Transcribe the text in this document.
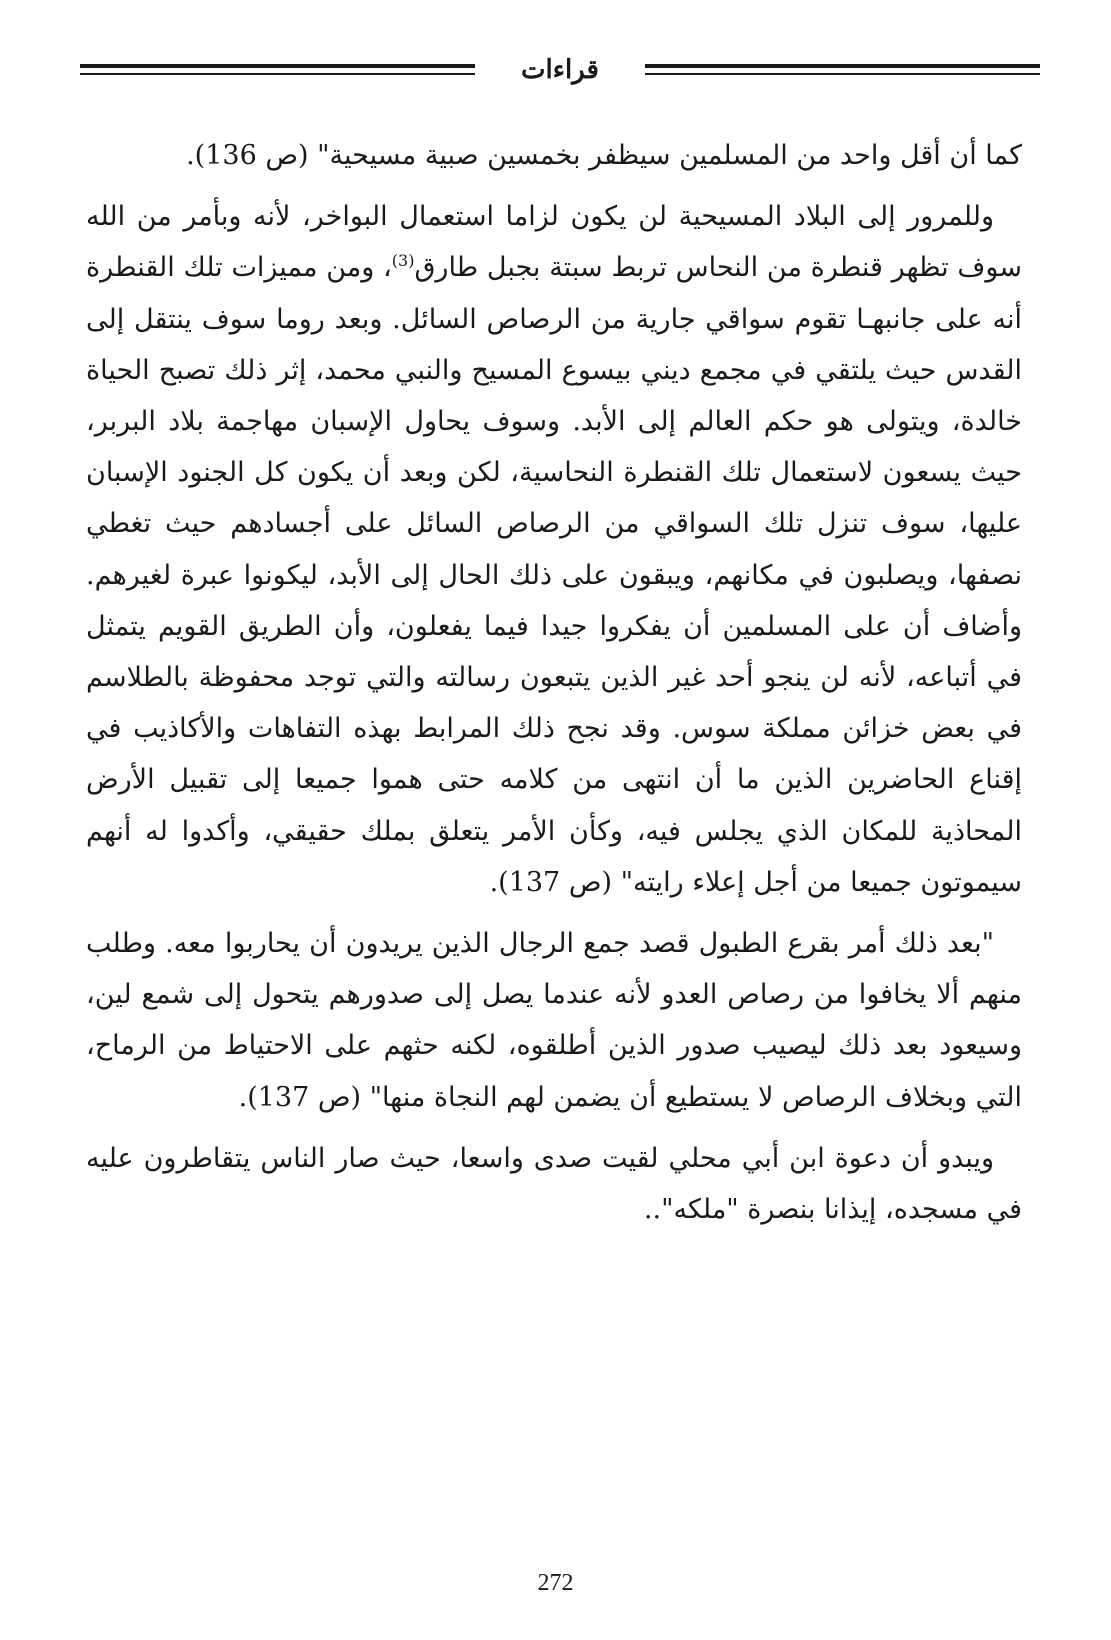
قراءات

كما أن أقل واحد من المسلمين سيظفر بخمسين صبية مسيحية" (ص 136).

وللمرور إلى البلاد المسيحية لن يكون لزاما استعمال البواخر، لأنه وبأمر من الله سوف تظهر قنطرة من النحاس تربط سبتة بجبل طارق$^{(3)}$، ومن مميزات تلك القنطرة أنه على جانبهـا تقوم سواقي جارية من الرصاص السائل. وبعد روما سوف ينتقل إلى القدس حيث يلتقي في مجمع ديني بيسوع المسيح والنبي محمد، إثر ذلك تصبح الحياة خالدة، ويتولى هو حكم العالم إلى الأبد. وسوف يحاول الإسبان مهاجمة بلاد البربر، حيث يسعون لاستعمال تلك القنطرة النحاسية، لكن وبعد أن يكون كل الجنود الإسبان عليها، سوف تنزل تلك السواقي من الرصاص السائل على أجسادهم حيث تغطي نصفها، ويصلبون في مكانهم، ويبقون على ذلك الحال إلى الأبد، ليكونوا عبرة لغيرهم. وأضاف أن على المسلمين أن يفكروا جيدا فيما يفعلون، وأن الطريق القويم يتمثل في أتباعه، لأنه لن ينجو أحد غير الذين يتبعون رسالته والتي توجد محفوظة بالطلاسم في بعض خزائن مملكة سوس. وقد نجح ذلك المرابط بهذه التفاهات والأكاذيب في إقناع الحاضرين الذين ما أن انتهى من كلامه حتى هموا جميعا إلى تقبيل الأرض المحاذية للمكان الذي يجلس فيه، وكأن الأمر يتعلق بملك حقيقي، وأكدوا له أنهم سيموتون جميعا من أجل إعلاء رايته" (ص 137).

"بعد ذلك أمر بقرع الطبول قصد جمع الرجال الذين يريدون أن يحاربوا معه. وطلب منهم ألا يخافوا من رصاص العدو لأنه عندما يصل إلى صدورهم يتحول إلى شمع لين، وسيعود بعد ذلك ليصيب صدور الذين أطلقوه، لكنه حثهم على الاحتياط من الرماح، التي وبخلاف الرصاص لا يستطيع أن يضمن لهم النجاة منها" (ص 137).

ويبدو أن دعوة ابن أبي محلي لقيت صدى واسعا، حيث صار الناس يتقاطرون عليه في مسجده، إيذانا بنصرة "ملكه"..

272
